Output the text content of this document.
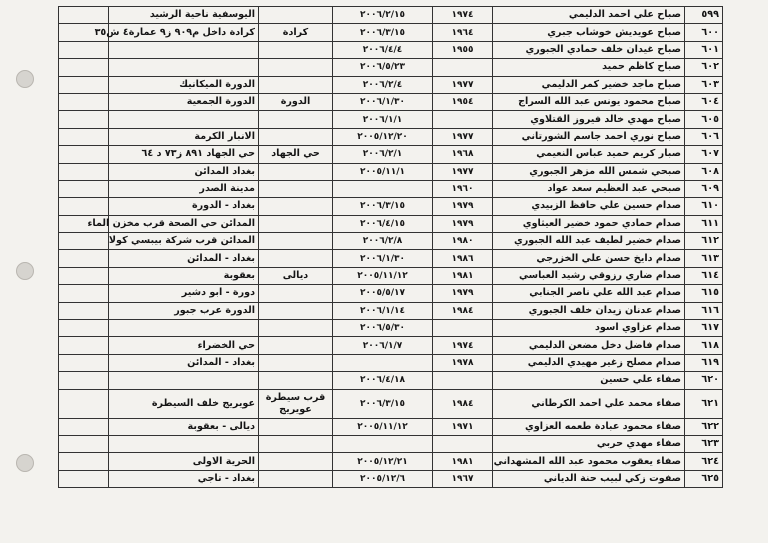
٥٩٩	صباح علي احمد الدليمي	١٩٧٤	٢٠٠٦/٢/١٥		اليوسفية ناحية الرشيد	
٦٠٠	صباح عويديش خوشاب جبري	١٩٦٤	٢٠٠٦/٣/١٥	كرادة	كرادة داخل م٩٠٩ ز٩ عمارة٤ ش٣٥	
٦٠١	صباح غيدان خلف حمادي الجبوري	١٩٥٥	٢٠٠٦/٤/٤			
٦٠٢	صباح كاظم حميد		٢٠٠٦/٥/٢٣			
٦٠٣	صباح ماجد خضير كمر الدليمي	١٩٧٧	٢٠٠٦/٢/٤		الدورة الميكانيك	
٦٠٤	صباح محمود يونس عبد الله السراج	١٩٥٤	٢٠٠٦/١/٣٠	الدورة	الدورة الجمعية	
٦٠٥	صباح مهدي خالد فيروز القتلاوي		٢٠٠٦/١/١			
٦٠٦	صباح نوري احمد جاسم الشورتاني	١٩٧٧	٢٠٠٥/١٢/٢٠		الانبار الكرمة	
٦٠٧	صبار كريم حميد عباس النعيمي	١٩٦٨	٢٠٠٦/٢/١	حي الجهاد	حي الجهاد ٨٩١ ز٧٣ د ٦٤	
٦٠٨	صبحي شمس الله مزهر الجبوري	١٩٧٧	٢٠٠٥/١١/١		بغداد المدائن	
٦٠٩	صبحي عبد العظيم سعد عواد	١٩٦٠			مدينة الصدر	
٦١٠	صدام حسين علي حافظ الزبيدي	١٩٧٩	٢٠٠٦/٣/١٥		بغداد - الدورة	
٦١١	صدام حمادي حمود خضير العيثاوي	١٩٧٩	٢٠٠٦/٤/١٥		المدائن حي الصحة قرب مخزن الماء	
٦١٢	صدام خضير لطيف عبد الله الجبوري	١٩٨٠	٢٠٠٦/٢/٨		المدائن قرب شركة بيبسي كولا	
٦١٣	صدام دايخ حسن علي الخزرجي	١٩٨٦	٢٠٠٦/١/٣٠		بغداد - المدائن	
٦١٤	صدام ضاري رزوقي رشيد العباسي	١٩٨١	٢٠٠٥/١١/١٢	ديالى	بعقوبة	
٦١٥	صدام عبد الله علي ناصر الجنابي	١٩٧٩	٢٠٠٥/٥/١٧		دورة - ابو دشير	
٦١٦	صدام عدنان زيدان خلف الجبوري	١٩٨٤	٢٠٠٦/١/١٤		الدورة عرب جبور	
٦١٧	صدام عزاوي اسود		٢٠٠٦/٥/٣٠			
٦١٨	صدام فاضل دخل مضعن الدليمي	١٩٧٤	٢٠٠٦/١/٧		حي الخضراء	
٦١٩	صدام مصلح زغير مهيدي الدليمي	١٩٧٨			بغداد - المدائن	
٦٢٠	صفاء علي حسين		٢٠٠٦/٤/١٨			
٦٢١	صفاء محمد علي احمد الكرطاني	١٩٨٤	٢٠٠٦/٣/١٥	قرب سيطرة عويريج	عويريج خلف السيطرة	
٦٢٢	صفاء محمود عبادة طعمه العزاوي	١٩٧١	٢٠٠٥/١١/١٢		ديالى - بعقوبة	
٦٢٣	صفاء مهدي حربي					
٦٢٤	صفاء يعقوب محمود عبد الله المشهداني	١٩٨١	٢٠٠٥/١٢/٢١		الحرية الاولى	
٦٢٥	صفوت زكي لبيب حنة الدياني	١٩٦٧	٢٠٠٥/١٢/٦		بغداد - تاجي	
